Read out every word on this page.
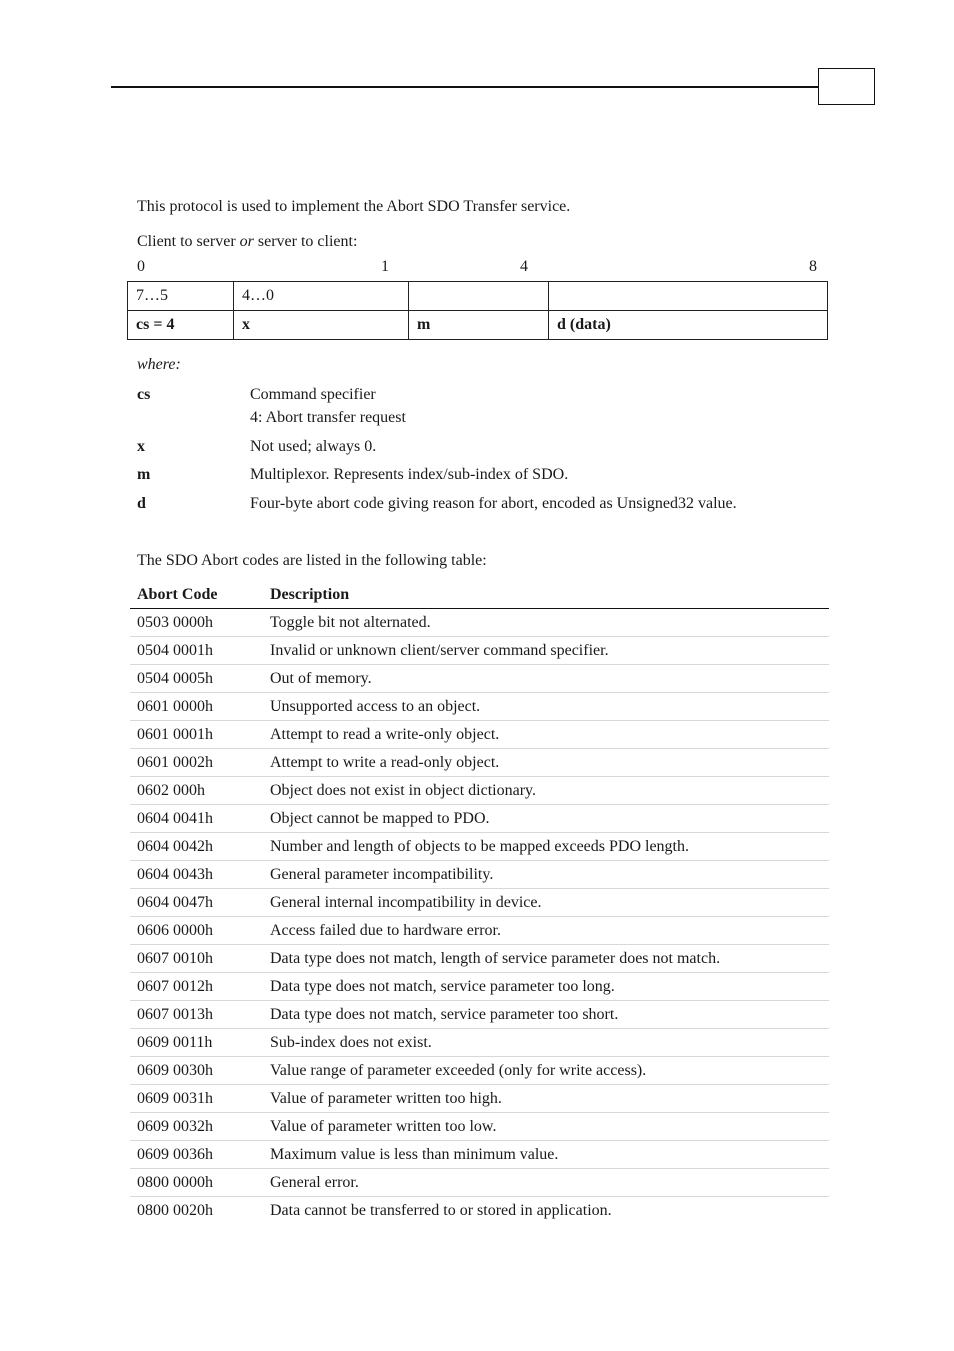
This protocol is used to implement the Abort SDO Transfer service.
Client to server or server to client:
0	1	4	8
7…5	4…0		
cs = 4	x	m	d (data)
where:
cs	Command specifier
4: Abort transfer request
x	Not used; always 0.
m	Multiplexor. Represents index/sub-index of SDO.
d	Four-byte abort code giving reason for abort, encoded as Unsigned32 value.
The SDO Abort codes are listed in the following table:
Abort Code	Description
0503 0000h	Toggle bit not alternated.
0504 0001h	Invalid or unknown client/server command specifier.
0504 0005h	Out of memory.
0601 0000h	Unsupported access to an object.
0601 0001h	Attempt to read a write-only object.
0601 0002h	Attempt to write a read-only object.
0602 000h	Object does not exist in object dictionary.
0604 0041h	Object cannot be mapped to PDO.
0604 0042h	Number and length of objects to be mapped exceeds PDO length.
0604 0043h	General parameter incompatibility.
0604 0047h	General internal incompatibility in device.
0606 0000h	Access failed due to hardware error.
0607 0010h	Data type does not match, length of service parameter does not match.
0607 0012h	Data type does not match, service parameter too long.
0607 0013h	Data type does not match, service parameter too short.
0609 0011h	Sub-index does not exist.
0609 0030h	Value range of parameter exceeded (only for write access).
0609 0031h	Value of parameter written too high.
0609 0032h	Value of parameter written too low.
0609 0036h	Maximum value is less than minimum value.
0800 0000h	General error.
0800 0020h	Data cannot be transferred to or stored in application.
